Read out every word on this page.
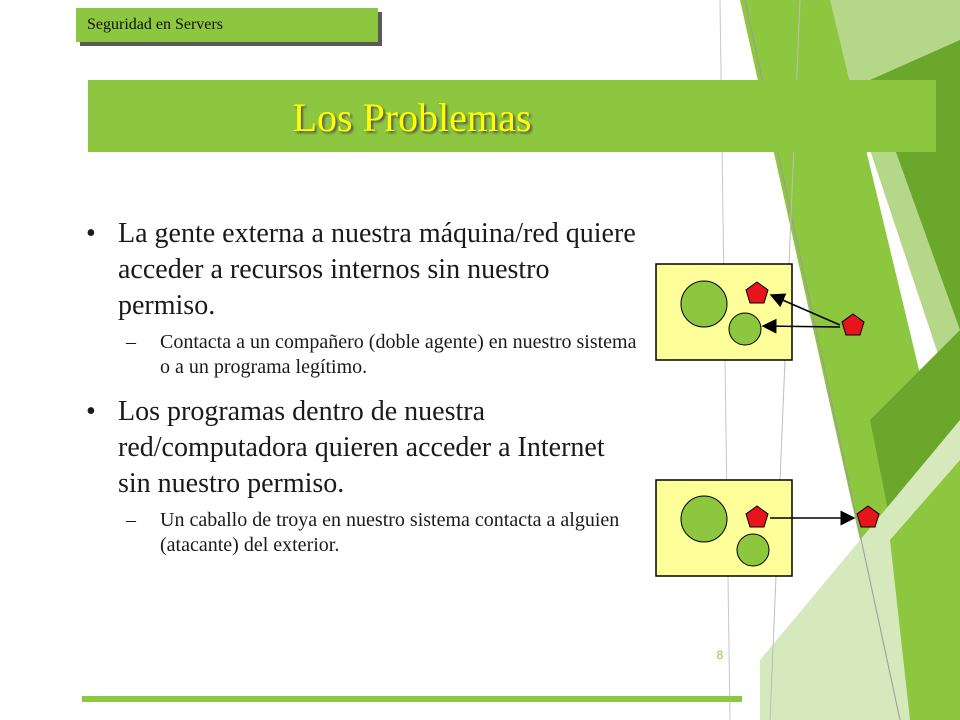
Seguridad en Servers
Los Problemas
• La gente externa a nuestra máquina/red quiere acceder a recursos internos sin nuestro permiso.
– Contacta a un compañero (doble agente) en nuestro sistema o a un programa legítimo.
• Los programas dentro de nuestra red/computadora quieren acceder a Internet sin nuestro permiso.
– Un caballo de troya en nuestro sistema contacta a alguien (atacante) del exterior.
8
